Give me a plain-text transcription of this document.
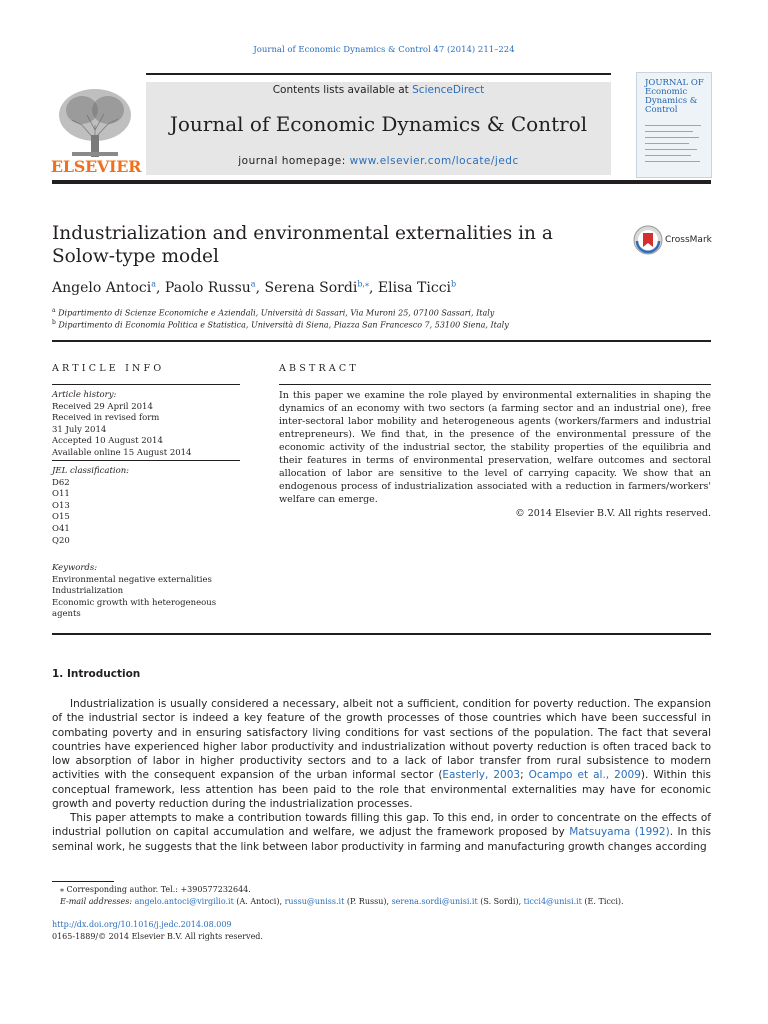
Journal of Economic Dynamics & Control 47 (2014) 211–224
ELSEVIER
Contents lists available at ScienceDirect
Journal of Economic Dynamics & Control
journal homepage: www.elsevier.com/locate/jedc
JOURNAL OF Economic Dynamics & Control
Industrialization and environmental externalities in a Solow-type model
CrossMark
Angelo Antoci$^a$, Paolo Russu$^a$, Serena Sordi$^{b,⁎}$, Elisa Ticci$^b$
$^a$ Dipartimento di Scienze Economiche e Aziendali, Università di Sassari, Via Muroni 25, 07100 Sassari, Italy
$^b$ Dipartimento di Economia Politica e Statistica, Università di Siena, Piazza San Francesco 7, 53100 Siena, Italy
ARTICLE INFO
Article history:
Received 29 April 2014
Received in revised form
31 July 2014
Accepted 10 August 2014
Available online 15 August 2014
JEL classification:
D62
O11
O13
O15
O41
Q20
Keywords:
Environmental negative externalities
Industrialization
Economic growth with heterogeneous
agents
ABSTRACT
In this paper we examine the role played by environmental externalities in shaping the dynamics of an economy with two sectors (a farming sector and an industrial one), free inter-sectoral labor mobility and heterogeneous agents (workers/farmers and industrial entrepreneurs). We find that, in the presence of the environmental pressure of the economic activity of the industrial sector, the stability properties of the equilibria and their features in terms of environmental preservation, welfare outcomes and sectoral allocation of labor are sensitive to the level of carrying capacity. We show that an endogenous process of industrialization associated with a reduction in farmers/workers' welfare can emerge.
© 2014 Elsevier B.V. All rights reserved.
1. Introduction
Industrialization is usually considered a necessary, albeit not a sufficient, condition for poverty reduction. The expansion of the industrial sector is indeed a key feature of the growth processes of those countries which have been successful in combating poverty and in ensuring satisfactory living conditions for vast sections of the population. The fact that several countries have experienced higher labor productivity and industrialization without poverty reduction is often traced back to low absorption of labor in higher productivity sectors and to a lack of labor transfer from rural subsistence to modern activities with the consequent expansion of the urban informal sector (Easterly, 2003; Ocampo et al., 2009). Within this conceptual framework, less attention has been paid to the role that environmental externalities may have for economic growth and poverty reduction during the industrialization processes.
This paper attempts to make a contribution towards filling this gap. To this end, in order to concentrate on the effects of industrial pollution on capital accumulation and welfare, we adjust the framework proposed by Matsuyama (1992). In this seminal work, he suggests that the link between labor productivity in farming and manufacturing growth changes according
⁎ Corresponding author. Tel.: +390577232644.
E-mail addresses: angelo.antoci@virgilio.it (A. Antoci), russu@uniss.it (P. Russu), serena.sordi@unisi.it (S. Sordi), ticci4@unisi.it (E. Ticci).
http://dx.doi.org/10.1016/j.jedc.2014.08.009
0165-1889/© 2014 Elsevier B.V. All rights reserved.
